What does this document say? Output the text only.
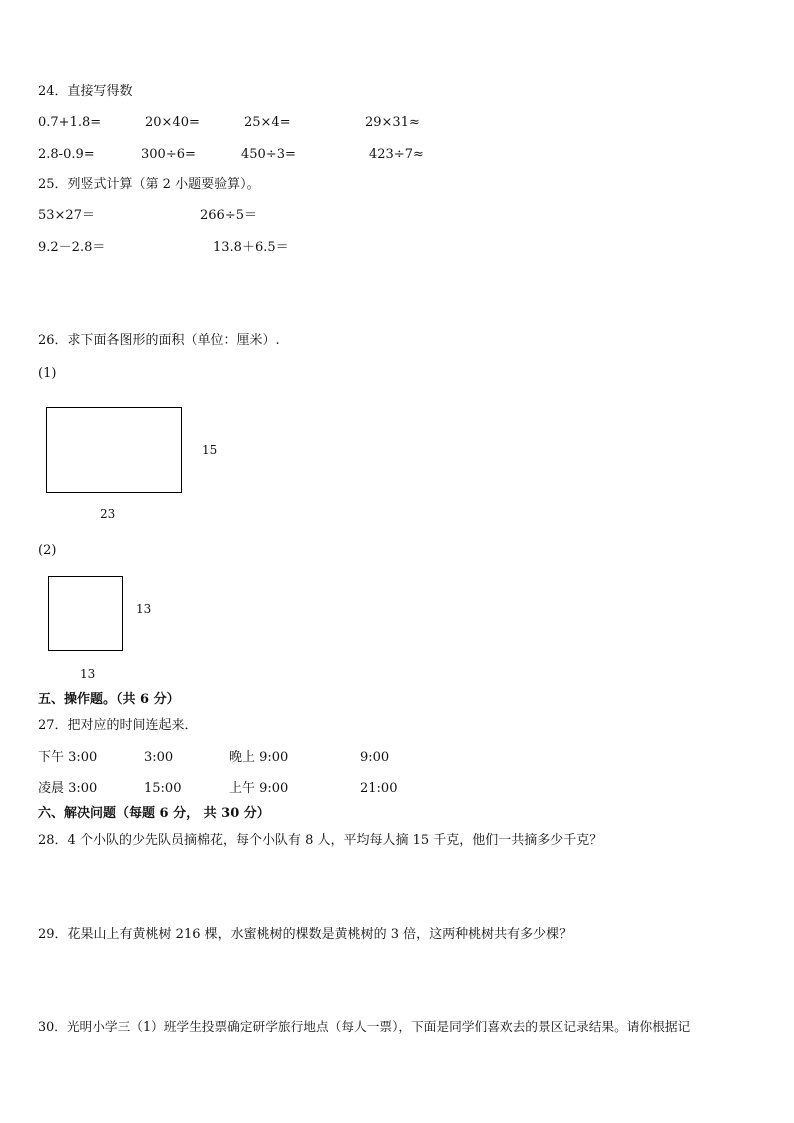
24．直接写得数
0.7+1.8=	20×40=	25×4=	29×31≈
2.8-0.9=	300÷6=	450÷3=	423÷7≈
25．列竖式计算（第 2 小题要验算）。
53×27＝	266÷5＝
9.2－2.8＝	13.8＋6.5＝
26．求下面各图形的面积（单位：厘米）.
(1)
15
23
(2)
13
13
五、操作题。（共 6 分）
27．把对应的时间连起来．
下午 3:00	3:00	晚上 9:00	9:00
凌晨 3:00	15:00	上午 9:00	21:00
六、解决问题（每题 6 分， 共 30 分）
28．4 个小队的少先队员摘棉花，每个小队有 8 人，平均每人摘 15 千克，他们一共摘多少千克？
29．花果山上有黄桃树 216 棵，水蜜桃树的棵数是黄桃树的 3 倍，这两种桃树共有多少棵？
30．光明小学三（1）班学生投票确定研学旅行地点（每人一票），下面是同学们喜欢去的景区记录结果。请你根据记
